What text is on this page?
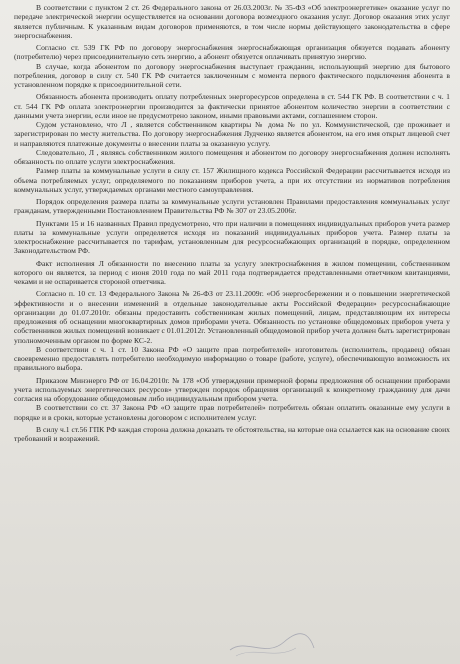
В соответствии с пунктом 2 ст. 26 Федерального закона от 26.03.2003г. № 35-ФЗ «Об электроэнергетике» оказание услуг по передаче электрической энергии осуществляется на основании договора возмездного оказания услуг. Договор оказания этих услуг является публичным. К указанным видам договоров применяются, в том числе нормы действующего законодательства в сфере энергоснабжения.

Согласно ст. 539 ГК РФ по договору энергоснабжения энергоснабжающая организация обязуется подавать абоненту (потребителю) через присоединительную сеть энергию, а абонент обязуется оплачивать принятую энергию.

В случае, когда абонентом по договору энергоснабжения выступает гражданин, использующий энергию для бытового потребления, договор в силу ст. 540 ГК РФ считается заключенным с момента первого фактического подключения абонента в установленном порядке к присоединительной сети.

Обязанность абонента производить оплату потребленных энергоресурсов определена в ст. 544 ГК РФ. В соответствии с ч. 1 ст. 544 ГК РФ оплата электроэнергии производится за фактически принятое абонентом количество энергии в соответствии с данными учета энергии, если иное не предусмотрено законом, иными правовыми актами, соглашением сторон.

Судом установлено, что Л , является собственником квартиры № дома № по ул. Коммунистической, где проживает и зарегистрирован по месту жительства. По договору энергоснабжения Лудченко является абонентом, на его имя открыт лицевой счет и направляются платежные документы о внесении платы за оказанную услугу.

Следовательно, Л , являясь собственником жилого помещения и абонентом по договору энергоснабжения должен исполнять обязанность по оплате услуги электроснабжения.

Размер платы за коммунальные услуги в силу ст. 157 Жилищного кодекса Российской Федерации рассчитывается исходя из объема потребляемых услуг, определяемого по показаниям приборов учета, а при их отсутствии из нормативов потребления коммунальных услуг, утверждаемых органами местного самоуправления.

Порядок определения размера платы за коммунальные услуги установлен Правилами предоставления коммунальных услуг гражданам, утвержденными Постановлением Правительства РФ № 307 от 23.05.2006г.

Пунктами 15 и 16 названных Правил предусмотрено, что при наличии в помещениях индивидуальных приборов учета размер платы за коммунальные услуги определяется исходя из показаний индивидуальных приборов учета. Размер платы за электроснабжение рассчитывается по тарифам, установленным для ресурсоснабжающих организаций в порядке, определенном Законодательством РФ.

Факт исполнения Л обязанности по внесению платы за услугу электроснабжения в жилом помещении, собственником которого он является, за период с июня 2010 года по май 2011 года подтверждается представленными ответчиком квитанциями, чеками и не оспаривается стороной ответчика.

Согласно п. 10 ст. 13 Федерального Закона № 26-ФЗ от 23.11.2009г. «Об энергосбережении и о повышении энергетической эффективности и о внесении изменений в отдельные законодательные акты Российской Федерации» ресурсоснабжающие организации до 01.07.2010г. обязаны предоставить собственникам жилых помещений, лицам, представляющим их интересы предложения об оснащении многоквартирных домов приборами учета. Обязанность по установке общедомовых приборов учета у собственников жилых помещений возникает с 01.01.2012г. Установленный общедомовой прибор учета должен быть зарегистрирован уполномоченным органом по форме КС-2.

В соответствии с ч. 1 ст. 10 Закона РФ «О защите прав потребителей» изготовитель (исполнитель, продавец) обязан своевременно предоставлять потребителю необходимую информацию о товаре (работе, услуге), обеспечивающую возможность их правильного выбора.

Приказом Минэнерго РФ от 16.04.2010г. № 178 «Об утверждении примерной формы предложения об оснащении приборами учета используемых энергетических ресурсов» утвержден порядок обращения организаций к конкретному гражданину для дачи согласия на оборудование общедомовым либо индивидуальным прибором учета.

В соответствии со ст. 37 Закона РФ «О защите прав потребителей» потребитель обязан оплатить оказанные ему услуги в порядке и в сроки, которые установлены договором с исполнителем услуг.

В силу ч.1 ст.56 ГПК РФ каждая сторона должна доказать те обстоятельства, на которые она ссылается как на основание своих требований и возражений.
